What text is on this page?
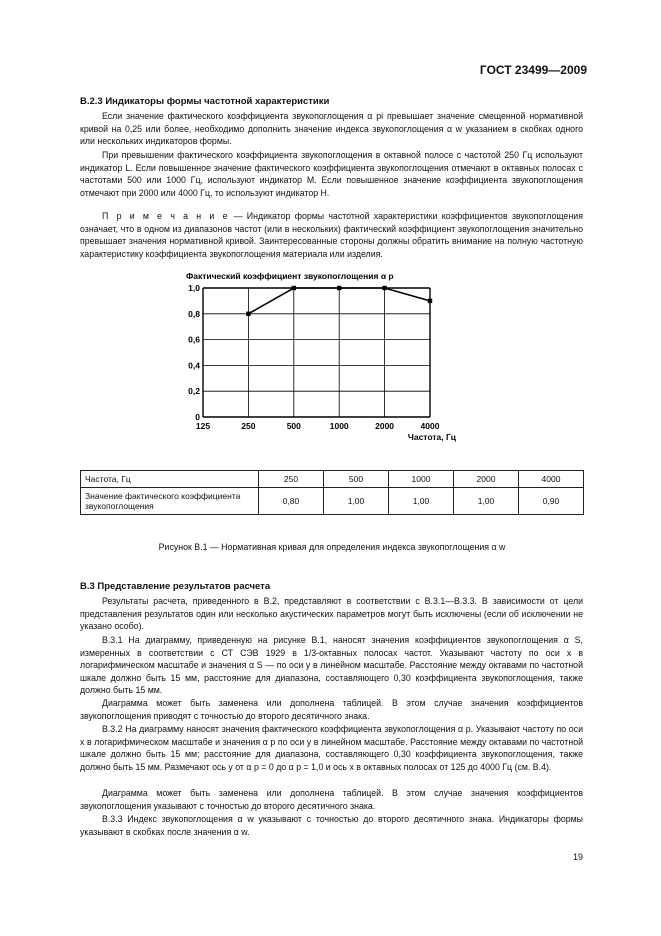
ГОСТ 23499—2009
В.2.3 Индикаторы формы частотной характеристики
Если значение фактического коэффициента звукопоглощения α pi превышает значение смещенной нормативной кривой на 0,25 или более, необходимо дополнить значение индекса звукопоглощения α w указанием в скобках одного или нескольких индикаторов формы.
При превышении фактического коэффициента звукопоглощения в октавной полосе с частотой 250 Гц используют индикатор L. Если повышенное значение фактического коэффициента звукопоглощения отмечают в октавных полосах с частотами 500 или 1000 Гц, используют индикатор М. Если повышенное значение коэффициента звукопоглощения отмечают при 2000 или 4000 Гц, то используют индикатор Н.
П р и м е ч а н и е — Индикатор формы частотной характеристики коэффициентов звукопоглощения означает, что в одном из диапазонов частот (или в нескольких) фактический коэффициент звукопоглощения значительно превышает значения нормативной кривой. Заинтересованные стороны должны обратить внимание на полную частотную характеристику коэффициента звукопоглощения материала или изделия.
Фактический коэффициент звукопоглощения α p
0
0,2
0,4
0,6
0,8
1,0
125	250	500	1000	2000	4000
Частота, Гц
Частота, Гц	250	500	1000	2000	4000
Значение фактического коэффициента звукопоглощения	0,80	1,00	1,00	1,00	0,90
Рисунок В.1 — Нормативная кривая для определения индекса звукопоглощения α w
В.3 Представление результатов расчета
Результаты расчета, приведенного в В.2, представляют в соответствии с В.3.1—В.3.3. В зависимости от цели представления результатов один или несколько акустических параметров могут быть исключены (если об исключении не указано особо).
В.3.1 На диаграмму, приведенную на рисунке В.1, наносят значения коэффициентов звукопоглощения α S, измеренных в соответствии с СТ СЭВ 1929 в 1/3-октавных полосах частот. Указывают частоту по оси x в логарифмическом масштабе и значения α S — по оси y в линейном масштабе. Расстояние между октавами по частотной шкале должно быть 15 мм, расстояние для диапазона, составляющего 0,30 коэффициента звукопоглощения, также должно быть 15 мм.
Диаграмма может быть заменена или дополнена таблицей. В этом случае значения коэффициентов звукопоглощения приводят с точностью до второго десятичного знака.
В.3.2 На диаграмму наносят значения фактического коэффициента звукопоглощения α p. Указывают частоту по оси x в логарифмическом масштабе и значения α p по оси y в линейном масштабе. Расстояние между октавами по частотной шкале должно быть 15 мм; расстояние для диапазона, составляющего 0,30 коэффициента звукопоглощения, также должно быть 15 мм. Размечают ось y от α p = 0 до α p = 1,0 и ось x в октавных полосах от 125 до 4000 Гц (см. В.4).
Диаграмма может быть заменена или дополнена таблицей. В этом случае значения коэффициентов звукопоглощения указывают с точностью до второго десятичного знака.
В.3.3 Индекс звукопоглощения α w указывают с точностью до второго десятичного знака. Индикаторы формы указывают в скобках после значения α w.
19
